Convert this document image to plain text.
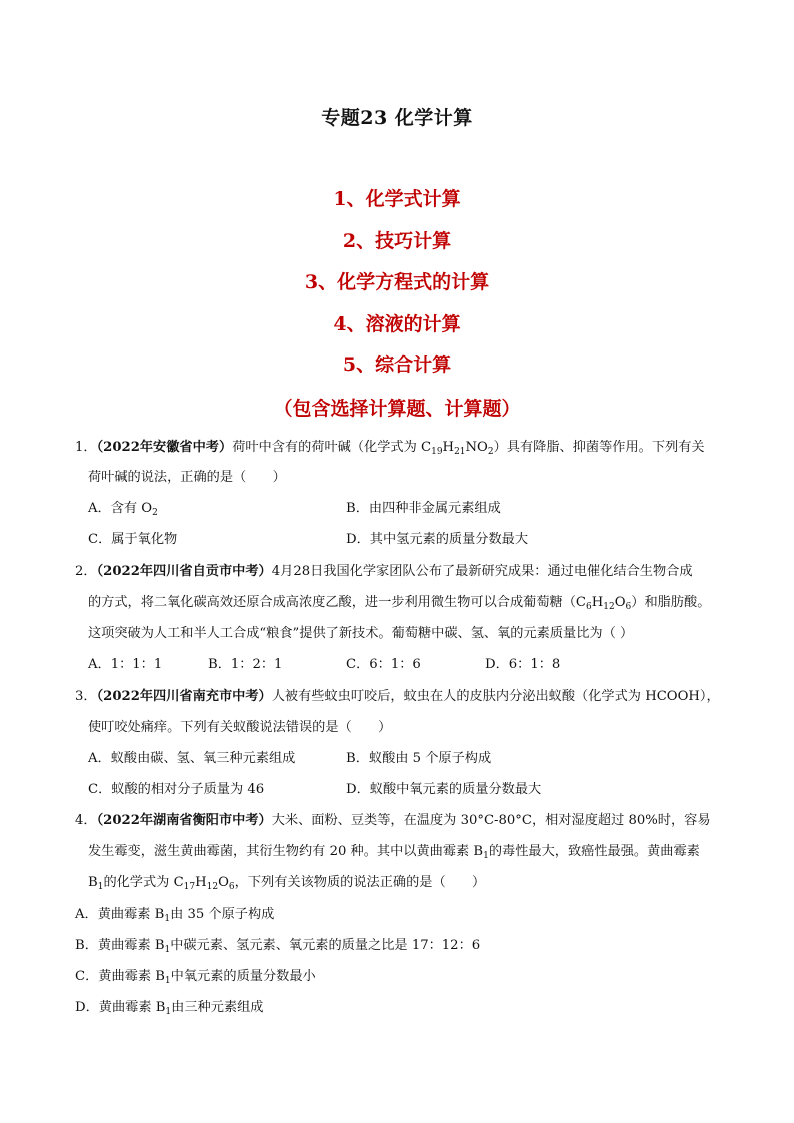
专题23 化学计算
1、化学式计算
2、技巧计算
3、化学方程式的计算
4、溶液的计算
5、综合计算
（包含选择计算题、计算题）
1．（2022年安徽省中考）荷叶中含有的荷叶碱（化学式为 $C_{19}H_{21}NO_2$）具有降脂、抑菌等作用。下列有关
荷叶碱的说法，正确的是（　　）
A．含有 $O_2$	B．由四种非金属元素组成
C．属于氧化物	D．其中氢元素的质量分数最大
2．（2022年四川省自贡市中考）4月28日我国化学家团队公布了最新研究成果：通过电催化结合生物合成
的方式，将二氧化碳高效还原合成高浓度乙酸，进一步利用微生物可以合成葡萄糖$(C_6H_{12}O_6)$和脂肪酸。
这项突破为人工和半人工合成“粮食”提供了新技术。葡萄糖中碳、氢、氧的元素质量比为（ ）
A．1：1：1	B．1：2：1	C．6：1：6	D．6：1：8
3．（2022年四川省南充市中考）人被有些蚊虫叮咬后，蚊虫在人的皮肤内分泌出蚁酸（化学式为 HCOOH），
使叮咬处痛痒。下列有关蚁酸说法错误的是（　　）
A．蚁酸由碳、氢、氧三种元素组成	B．蚁酸由 5 个原子构成
C．蚁酸的相对分子质量为 46	D．蚁酸中氧元素的质量分数最大
4．（2022年湖南省衡阳市中考）大米、面粉、豆类等，在温度为 30°C-80°C，相对湿度超过 80%时，容易
发生霉变，滋生黄曲霉菌，其衍生物约有 20 种。其中以黄曲霉素 $B_1$的毒性最大，致癌性最强。黄曲霉素
$B_1$的化学式为 $C_{17}H_{12}O_6$，下列有关该物质的说法正确的是（　　）
A．黄曲霉素 $B_1$由 35 个原子构成
B．黄曲霉素 $B_1$中碳元素、氢元素、氧元素的质量之比是 17：12：6
C．黄曲霉素 $B_1$中氧元素的质量分数最小
D．黄曲霉素 $B_1$由三种元素组成
